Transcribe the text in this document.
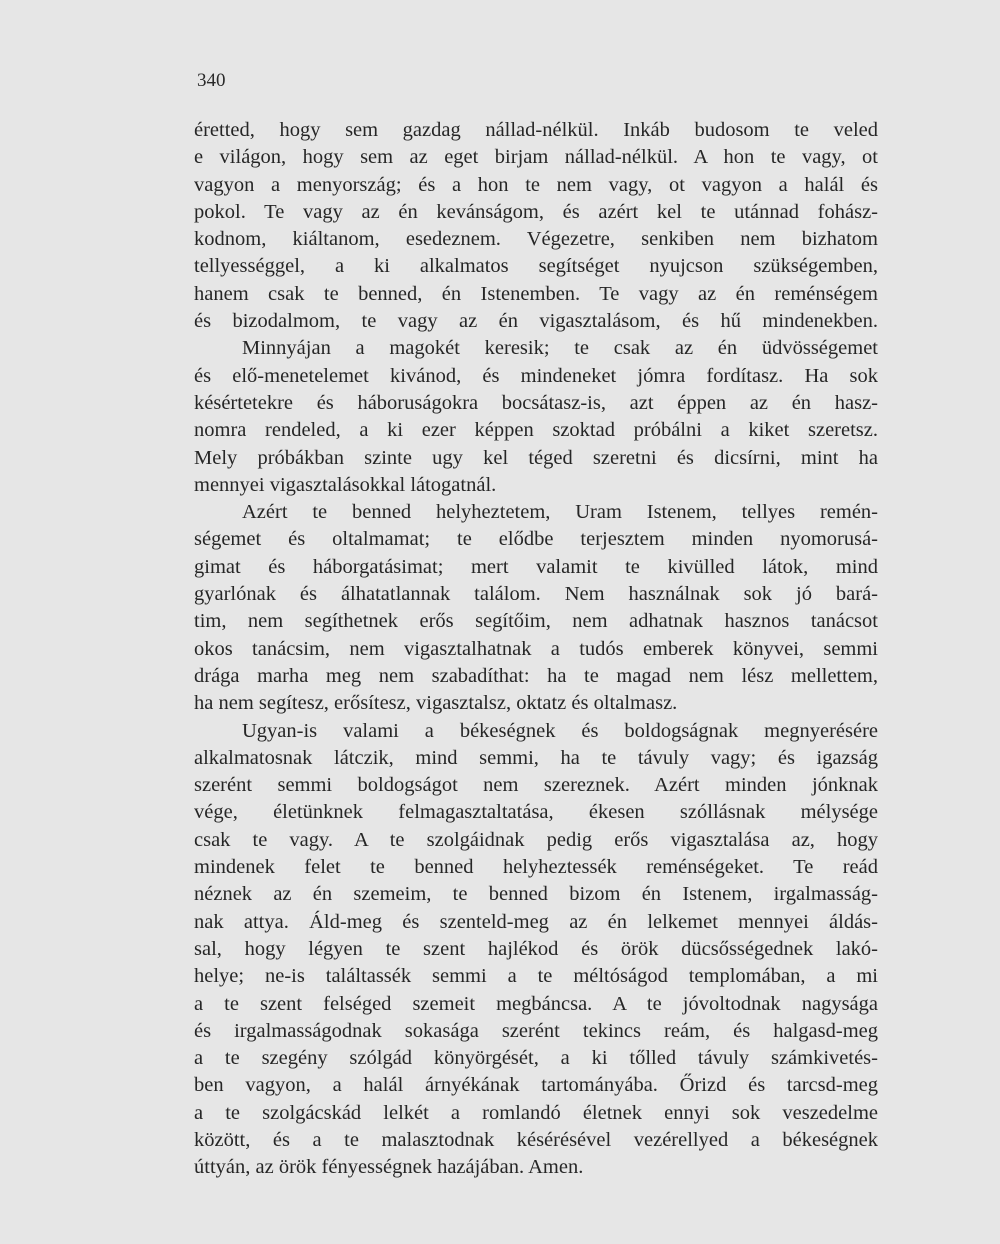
340

éretted, hogy sem gazdag nállad-nélkül. Inkáb budosom te veled
e világon, hogy sem az eget birjam nállad-nélkül. A hon te vagy, ot
vagyon a menyország; és a hon te nem vagy, ot vagyon a halál és
pokol. Te vagy az én kevánságom, és azért kel te utánnad fohász-
kodnom, kiáltanom, esedeznem. Végezetre, senkiben nem bizhatom
tellyességgel, a ki alkalmatos segítséget nyujcson szükségemben,
hanem csak te benned, én Istenemben. Te vagy az én reménségem
és bizodalmom, te vagy az én vigasztalásom, és hű mindenekben.
Minnyájan a magokét keresik; te csak az én üdvösségemet
és elő-menetelemet kivánod, és mindeneket jómra fordítasz. Ha sok
késértetekre és háboruságokra bocsátasz-is, azt éppen az én hasz-
nomra rendeled, a ki ezer képpen szoktad próbálni a kiket szeretsz.
Mely próbákban szinte ugy kel téged szeretni és dicsírni, mint ha
mennyei vigasztalásokkal látogatnál.

Azért te benned helyheztetem, Uram Istenem, tellyes remén-
ségemet és oltalmamat; te elődbe terjesztem minden nyomorusá-
gimat és háborgatásimat; mert valamit te kivülled látok, mind
gyarlónak és álhatatlannak találom. Nem használnak sok jó bará-
tim, nem segíthetnek erős segítőim, nem adhatnak hasznos tanácsot
okos tanácsim, nem vigasztalhatnak a tudós emberek könyvei, semmi
drága marha meg nem szabadíthat: ha te magad nem lész mellettem,
ha nem segítesz, erősítesz, vigasztalsz, oktatz és oltalmasz.

Ugyan-is valami a békeségnek és boldogságnak megnyerésére
alkalmatosnak látczik, mind semmi, ha te távuly vagy; és igazság
szerént semmi boldogságot nem szereznek. Azért minden jónknak
vége, életünknek felmagasztaltatása, ékesen szóllásnak mélysége
csak te vagy. A te szolgáidnak pedig erős vigasztalása az, hogy
mindenek felet te benned helyheztessék reménségeket. Te reád
néznek az én szemeim, te benned bizom én Istenem, irgalmasság-
nak attya. Áld-meg és szenteld-meg az én lelkemet mennyei áldás-
sal, hogy légyen te szent hajlékod és örök dücsősségednek lakó-
helye; ne-is találtassék semmi a te méltóságod templomában, a mi
a te szent felséged szemeit megbáncsa. A te jóvoltodnak nagysága
és irgalmasságodnak sokasága szerént tekincs reám, és halgasd-meg
a te szegény szólgád könyörgését, a ki tőlled távuly számkivetés-
ben vagyon, a halál árnyékának tartományába. Őrizd és tarcsd-meg
a te szolgácskád lelkét a romlandó életnek ennyi sok veszedelme
között, és a te malasztodnak késérésével vezérellyed a békeségnek
úttyán, az örök fényességnek hazájában. Amen.
